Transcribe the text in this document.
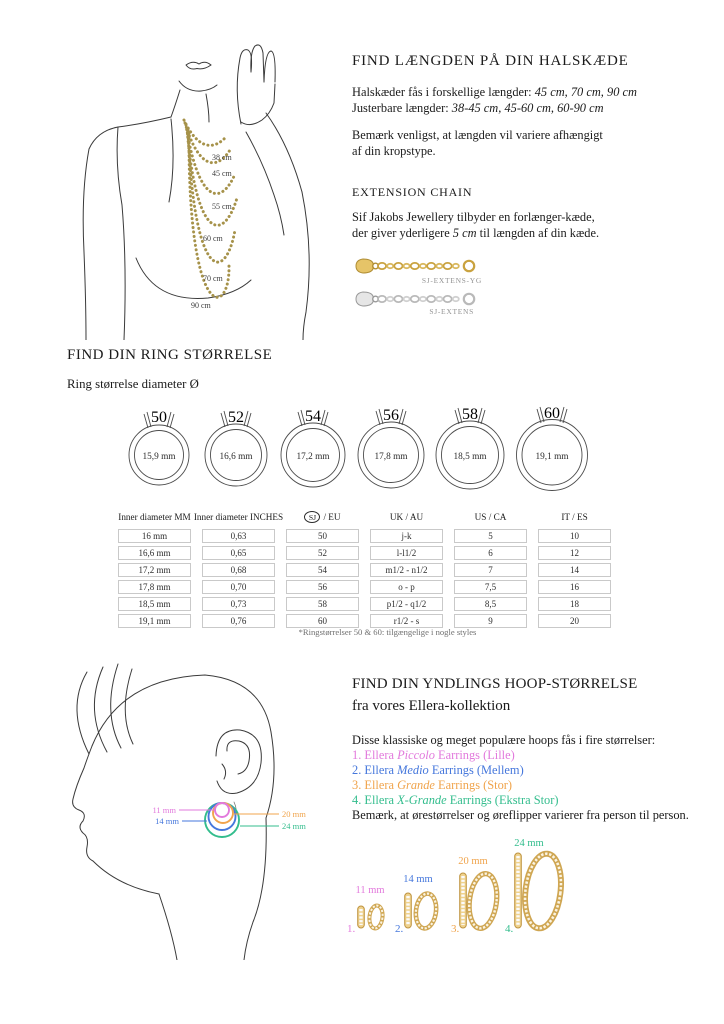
38 cm
45 cm
55 cm
60 cm
70 cm
90 cm
FIND LÆNGDEN PÅ DIN HALSKÆDE
Halskæder fås i forskellige længder: 45 cm, 70 cm, 90 cm
Justerbare længder: 38-45 cm, 45-60 cm, 60-90 cm
Bemærk venligst, at længden vil variere afhængigt
af din kropstype.
EXTENSION CHAIN
Sif Jakobs Jewellery tilbyder en forlænger-kæde,
der giver yderligere 5 cm til længden af din kæde.
SJ-EXTENS-YG
SJ-EXTENS
FIND DIN RING STØRRELSE
Ring størrelse diameter Ø
50
15,9 mm
52
16,6 mm
54
17,2 mm
56
17,8 mm
58
18,5 mm
60
19,1 mm
Inner diameter MM Inner diameter INCHES	SJ / EU	UK / AU	US / CA	IT / ES
16 mm	0,63	50	j-k	5	10
16,6 mm	0,65	52	l-l1/2	6	12
17,2 mm	0,68	54	m1/2 - n1/2	7	14
17,8 mm	0,70	56	o - p	7,5	16
18,5 mm	0,73	58	p1/2 - q1/2	8,5	18
19,1 mm	0,76	60	r1/2 - s	9	20
*Ringstørrelser 50 & 60: tilgængelige i nogle styles
11 mm
14 mm
20 mm
24 mm
FIND DIN YNDLINGS HOOP-STØRRELSE
fra vores Ellera-kollektion
Disse klassiske og meget populære hoops fås i fire størrelser:
1. Ellera Piccolo Earrings (Lille)
2. Ellera Medio Earrings (Mellem)
3. Ellera Grande Earrings (Stor)
4. Ellera X-Grande Earrings (Ekstra Stor)
Bemærk, at ørestørrelser og øreflipper varierer fra person til person.
11 mm
14 mm
20 mm
24 mm
1.	2.	3.	4.
